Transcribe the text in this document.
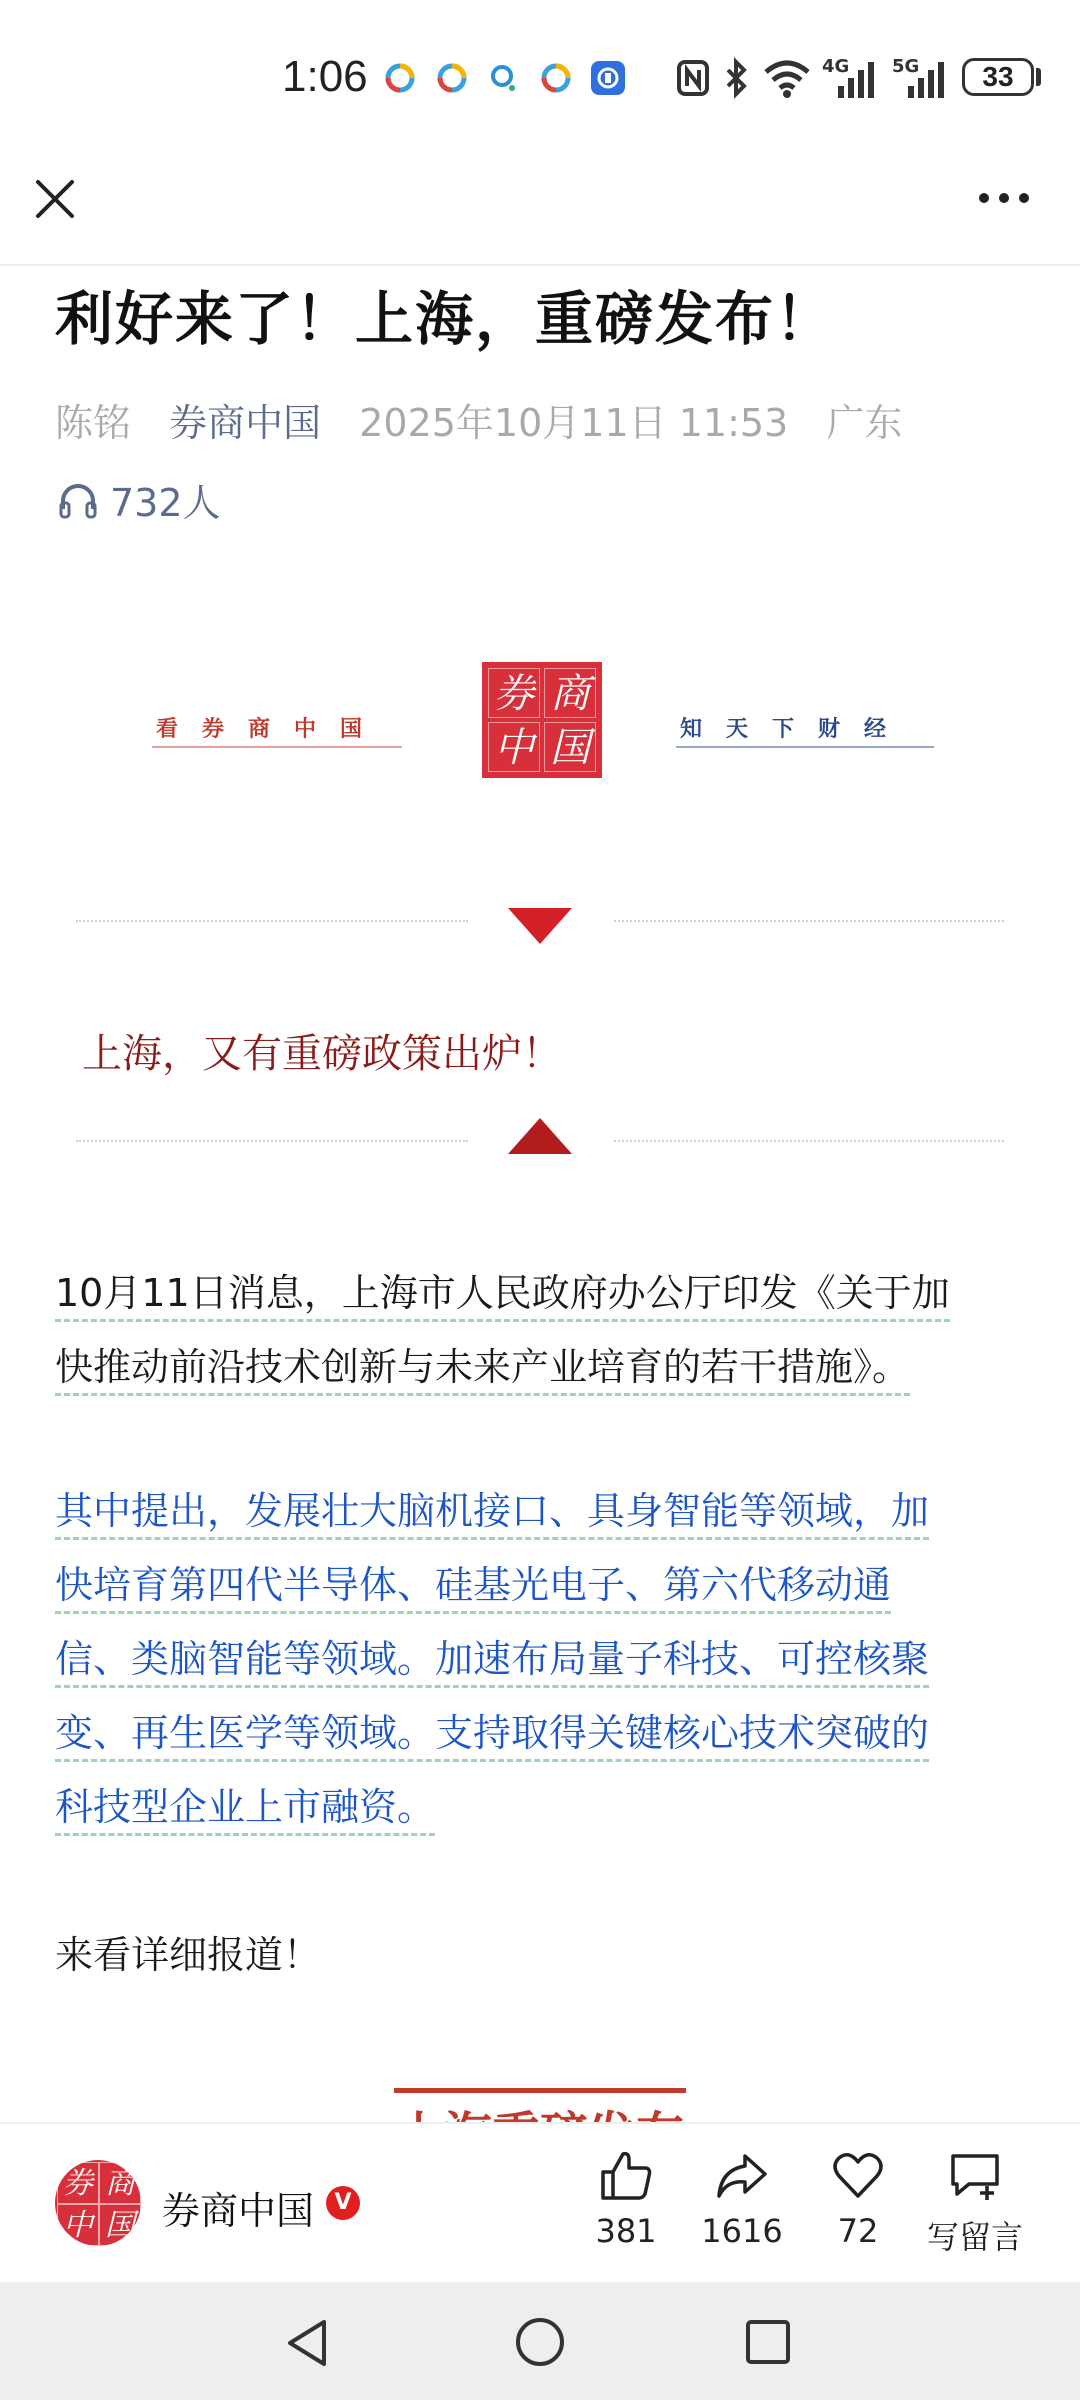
1:06	4G 5G	33
利好来了！上海，重磅发布！
陈铭 券商中国 2025年10月11日 11:53 广东
732人
看券商中国
券 商
中 国	知天下财经
上海，又有重磅政策出炉！
10月11日消息，上海市人民政府办公厅印发《关于加
快推动前沿技术创新与未来产业培育的若干措施》。
其中提出，发展壮大脑机接口、具身智能等领域，加
快培育第四代半导体、硅基光电子、第六代移动通
信、类脑智能等领域。加速布局量子科技、可控核聚
变、再生医学等领域。支持取得关键核心技术突破的
科技型企业上市融资。
来看详细报道！
券 商
中 国 券商中国 V
381	1616	72	写留言
